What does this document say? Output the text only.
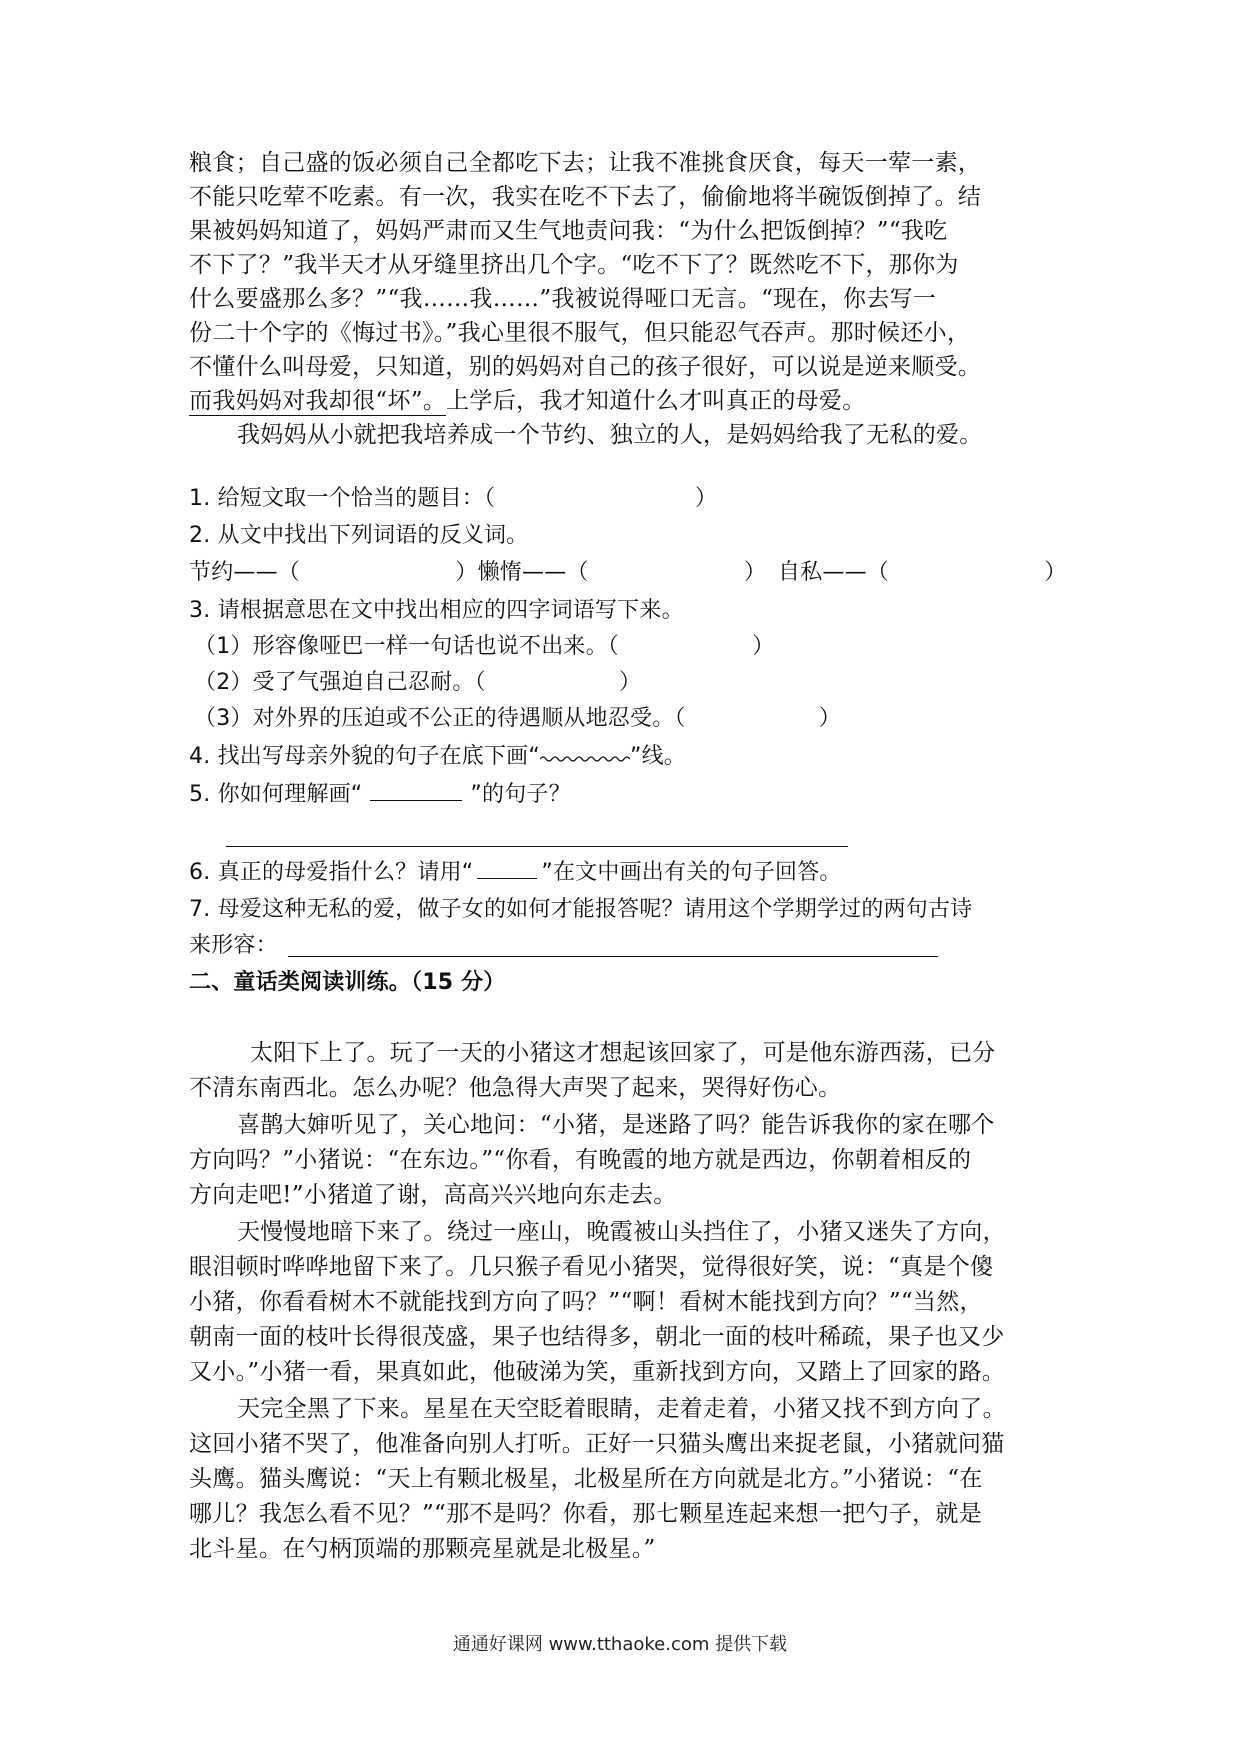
粮食；自己盛的饭必须自己全都吃下去；让我不准挑食厌食，每天一荤一素，
不能只吃荤不吃素。有一次，我实在吃不下去了，偷偷地将半碗饭倒掉了。结
果被妈妈知道了，妈妈严肃而又生气地责问我：“为什么把饭倒掉？”“我吃
不下了？”我半天才从牙缝里挤出几个字。“吃不下了？既然吃不下，那你为
什么要盛那么多？”“我……我……”我被说得哑口无言。“现在，你去写一
份二十个字的《悔过书》。”我心里很不服气，但只能忍气吞声。那时候还小，
不懂什么叫母爱，只知道，别的妈妈对自己的孩子很好，可以说是逆来顺受。
而我妈妈对我却很“坏”。上学后，我才知道什么才叫真正的母爱。
我妈妈从小就把我培养成一个节约、独立的人，是妈妈给我了无私的爱。
1. 给短文取一个恰当的题目：（　　　　　　　　　）
2. 从文中找出下列词语的反义词。
节约——（　　　　　　　）懒惰——（　　　　　　　） 自私——（　　　　　　　）
3. 请根据意思在文中找出相应的四字词语写下来。
（1）形容像哑巴一样一句话也说不出来。（　　　　　　）
（2）受了气强迫自己忍耐。（　　　　　　）
（3）对外界的压迫或不公正的待遇顺从地忍受。（　　　　　　）
4. 找出写母亲外貌的句子在底下画“	”线。
5. 你如何理解画“	”的句子？
6. 真正的母爱指什么？请用“	”在文中画出有关的句子回答。
7. 母爱这种无私的爱，做子女的如何才能报答呢？请用这个学期学过的两句古诗
来形容：
二、童话类阅读训练。（15 分）
太阳下上了。玩了一天的小猪这才想起该回家了，可是他东游西荡，已分
不清东南西北。怎么办呢？他急得大声哭了起来，哭得好伤心。
喜鹊大婶听见了，关心地问：“小猪，是迷路了吗？能告诉我你的家在哪个
方向吗？”小猪说：“在东边。”“你看，有晚霞的地方就是西边，你朝着相反的
方向走吧!”小猪道了谢，高高兴兴地向东走去。
天慢慢地暗下来了。绕过一座山，晚霞被山头挡住了，小猪又迷失了方向，
眼泪顿时哗哗地留下来了。几只猴子看见小猪哭，觉得很好笑，说：“真是个傻
小猪，你看看树木不就能找到方向了吗？”“啊！看树木能找到方向？”“当然，
朝南一面的枝叶长得很茂盛，果子也结得多，朝北一面的枝叶稀疏，果子也又少
又小。”小猪一看，果真如此，他破涕为笑，重新找到方向，又踏上了回家的路。
天完全黑了下来。星星在天空眨着眼睛，走着走着，小猪又找不到方向了。
这回小猪不哭了，他准备向别人打听。正好一只猫头鹰出来捉老鼠，小猪就问猫
头鹰。猫头鹰说：“天上有颗北极星，北极星所在方向就是北方。”小猪说：“在
哪儿？我怎么看不见？”“那不是吗？你看，那七颗星连起来想一把勺子，就是
北斗星。在勺柄顶端的那颗亮星就是北极星。”
通通好课网 www.tthaoke.com 提供下载
